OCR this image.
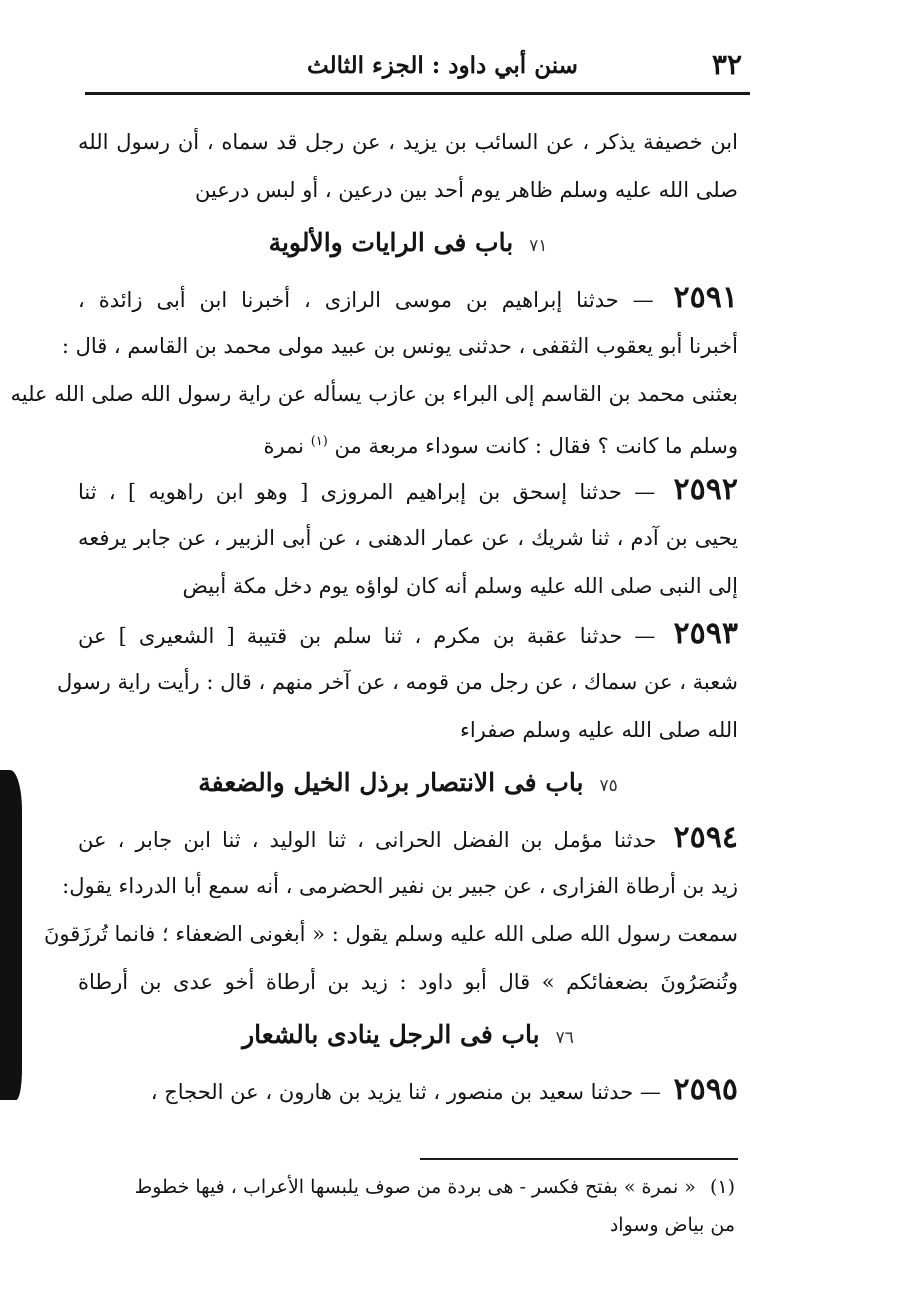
٣٢
سنن أبي داود : الجزء الثالث
ابن خصيفة يذكر ، عن السائب بن يزيد ، عن رجل قد سماه ، أن رسول الله
صلى الله عليه وسلم ظاهر يوم أحد بين درعين ، أو لبس درعين
٧١باب فى الرايات والألوية
٢٥٩١ — حدثنا إبراهيم بن موسى الرازى ، أخبرنا ابن أبى زائدة ،
أخبرنا أبو يعقوب الثقفى ، حدثنى يونس بن عبيد مولى محمد بن القاسم ، قال :
بعثنى محمد بن القاسم إلى البراء بن عازب يسأله عن راية رسول الله صلى الله عليه
وسلم ما كانت ؟ فقال : كانت سوداء مربعة من $^{(١)}$ نمرة
٢٥٩٢ — حدثنا إسحق بن إبراهيم المروزى [ وهو ابن راهويه ] ، ثنا
يحيى بن آدم ، ثنا شريك ، عن عمار الدهنى ، عن أبى الزبير ، عن جابر يرفعه
إلى النبى صلى الله عليه وسلم أنه كان لواؤه يوم دخل مكة أبيض
٢٥٩٣ — حدثنا عقبة بن مكرم ، ثنا سلم بن قتيبة [ الشعيرى ] عن
شعبة ، عن سماك ، عن رجل من قومه ، عن آخر منهم ، قال : رأيت راية رسول
الله صلى الله عليه وسلم صفراء
٧٥باب فى الانتصار برذل الخيل والضعفة
٢٥٩٤ حدثنا مؤمل بن الفضل الحرانى ، ثنا الوليد ، ثنا ابن جابر ، عن
زيد بن أرطاة الفزارى ، عن جبير بن نفير الحضرمى ، أنه سمع أبا الدرداء يقول:
سمعت رسول الله صلى الله عليه وسلم يقول : « أبغونى الضعفاء ؛ فانما تُرزَقونَ
وتُنصَرُونَ بضعفائكم » قال أبو داود : زيد بن أرطاة أخو عدى بن أرطاة
٧٦باب فى الرجل ينادى بالشعار
٢٥٩٥ — حدثنا سعيد بن منصور ، ثنا يزيد بن هارون ، عن الحجاج ،
(١)« نمرة » بفتح فكسر - هى بردة من صوف يلبسها الأعراب ، فيها خطوط
من بياض وسواد
